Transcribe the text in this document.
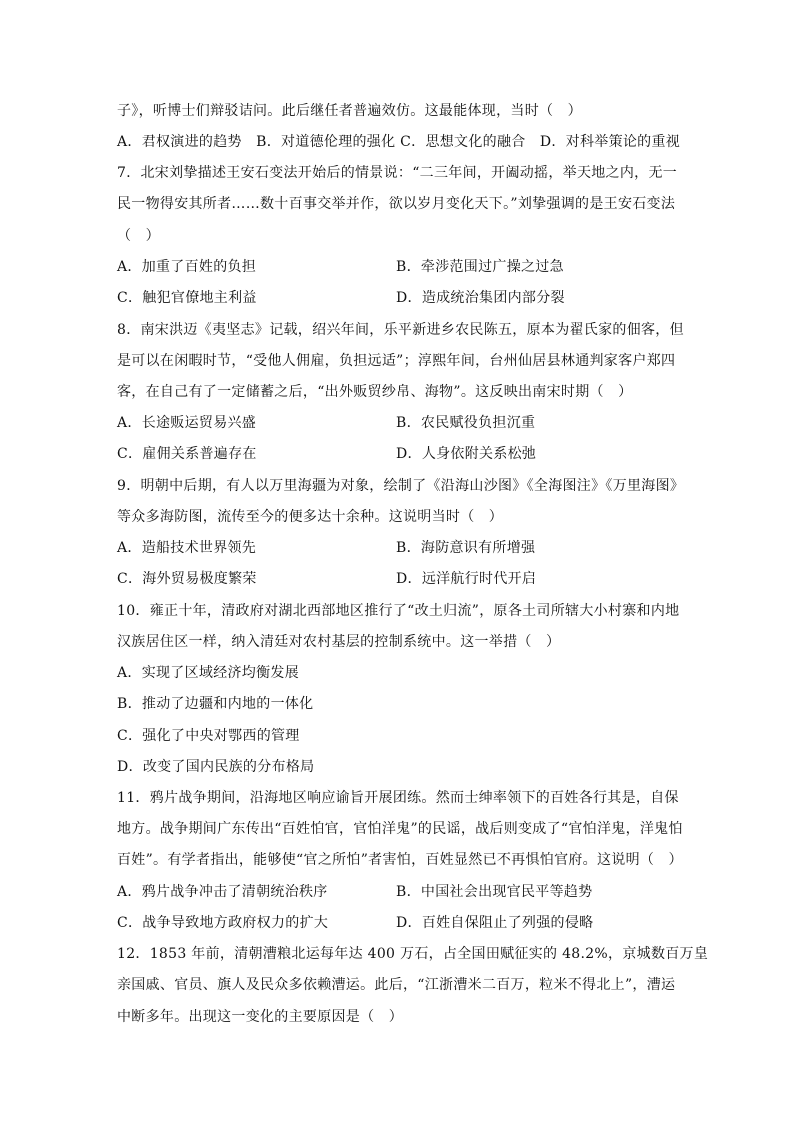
子》，听博士们辩驳诘问。此后继任者普遍效仿。这最能体现，当时（　）
A．君权演进的趋势　B．对道德伦理的强化 C．思想文化的融合　D．对科举策论的重视
7．北宋刘挚描述王安石变法开始后的情景说：“二三年间，开阖动摇，举天地之内，无一
民一物得安其所者……数十百事交举并作，欲以岁月变化天下。”刘挚强调的是王安石变法
（　）
A．加重了百姓的负担	B．牵涉范围过广操之过急
C．触犯官僚地主利益	D．造成统治集团内部分裂
8．南宋洪迈《夷坚志》记载，绍兴年间，乐平新进乡农民陈五，原本为翟氏家的佃客，但
是可以在闲暇时节，“受他人佣雇，负担远适”；淳熙年间，台州仙居县林通判家客户郑四
客，在自己有了一定储蓄之后，“出外贩贸纱帛、海物”。这反映出南宋时期（　）
A．长途贩运贸易兴盛	B．农民赋役负担沉重
C．雇佣关系普遍存在	D．人身依附关系松弛
9．明朝中后期，有人以万里海疆为对象，绘制了《沿海山沙图》《全海图注》《万里海图》
等众多海防图，流传至今的便多达十余种。这说明当时（　）
A．造船技术世界领先	B．海防意识有所增强
C．海外贸易极度繁荣	D．远洋航行时代开启
10．雍正十年，清政府对湖北西部地区推行了“改土归流”，原各土司所辖大小村寨和内地
汉族居住区一样，纳入清廷对农村基层的控制系统中。这一举措（　）
A．实现了区域经济均衡发展
B．推动了边疆和内地的一体化
C．强化了中央对鄂西的管理
D．改变了国内民族的分布格局
11．鸦片战争期间，沿海地区响应谕旨开展团练。然而士绅率领下的百姓各行其是，自保
地方。战争期间广东传出“百姓怕官，官怕洋鬼”的民谣，战后则变成了“官怕洋鬼，洋鬼怕
百姓”。有学者指出，能够使“官之所怕”者害怕，百姓显然已不再惧怕官府。这说明（　）
A．鸦片战争冲击了清朝统治秩序	B．中国社会出现官民平等趋势
C．战争导致地方政府权力的扩大	D．百姓自保阻止了列强的侵略
12．1853 年前，清朝漕粮北运每年达 400 万石，占全国田赋征实的 48.2%，京城数百万皇
亲国戚、官员、旗人及民众多依赖漕运。此后，“江浙漕米二百万，粒米不得北上”，漕运
中断多年。出现这一变化的主要原因是（　）
